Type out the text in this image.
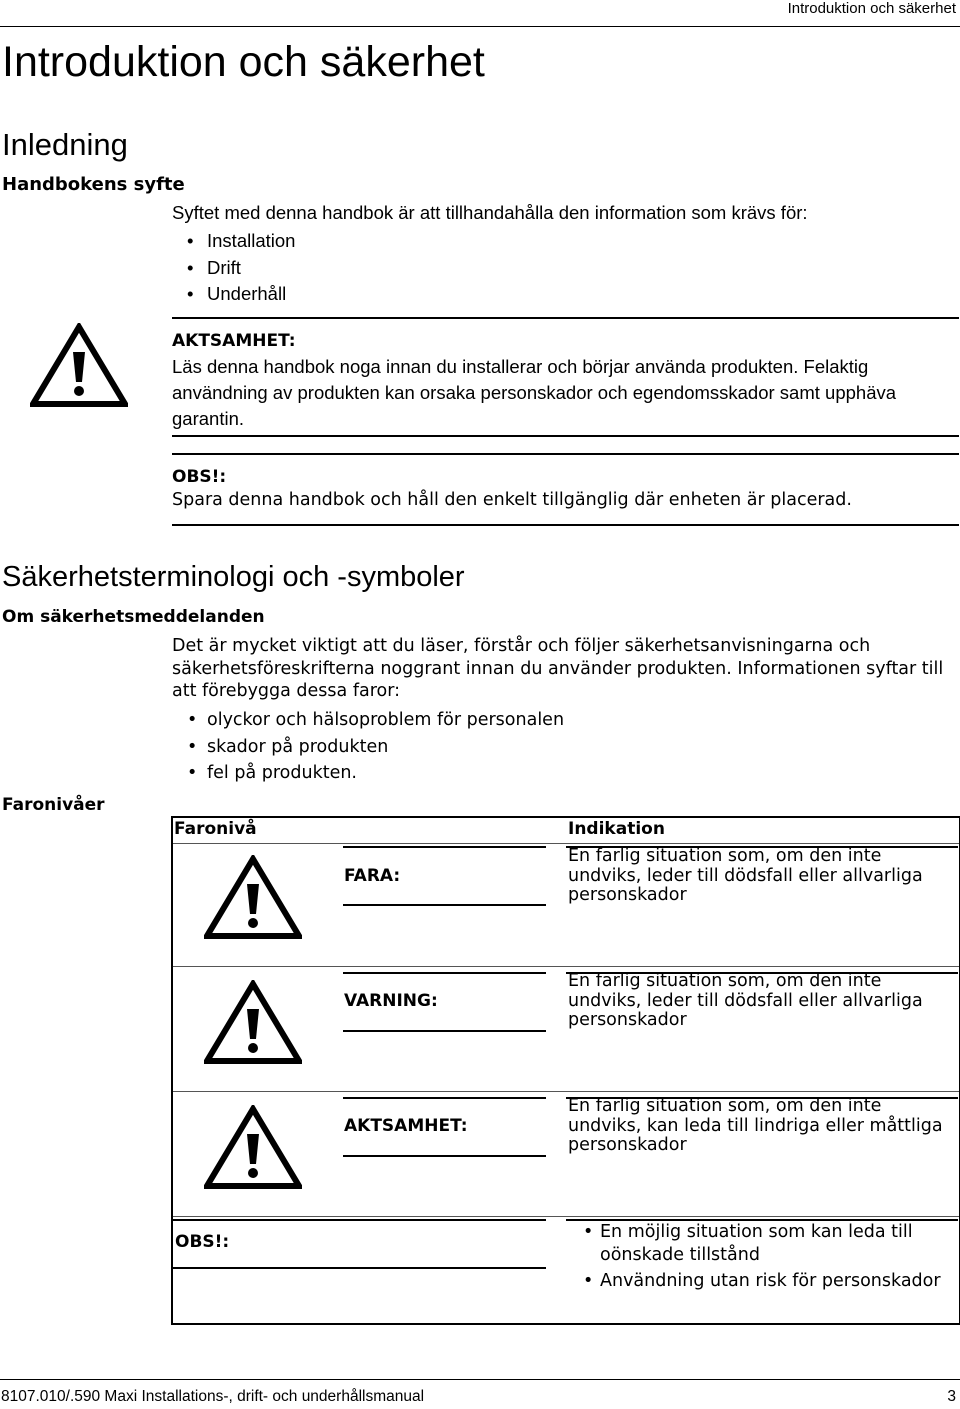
Introduktion och säkerhet
Introduktion och säkerhet
Inledning
Handbokens syfte
Syftet med denna handbok är att tillhandahålla den information som krävs för:
• Installation
• Drift
• Underhåll
AKTSAMHET:
Läs denna handbok noga innan du installerar och börjar använda produkten. Felaktig användning av produkten kan orsaka personskador och egendomsskador samt upphäva garantin.
OBS!:
Spara denna handbok och håll den enkelt tillgänglig där enheten är placerad.
Säkerhetsterminologi och -symboler
Om säkerhetsmeddelanden
Det är mycket viktigt att du läser, förstår och följer säkerhetsanvisningarna och säkerhetsföreskrifterna noggrant innan du använder produkten. Informationen syftar till att förebygga dessa faror:
• olyckor och hälsoproblem för personalen
• skador på produkten
• fel på produkten.
Faronivåer
Faronivå	Indikation
FARA:
En farlig situation som, om den inte undviks, leder till dödsfall eller allvarliga personskador
VARNING:
En farlig situation som, om den inte undviks, leder till dödsfall eller allvarliga personskador
AKTSAMHET:
En farlig situation som, om den inte undviks, kan leda till lindriga eller måttliga personskador
OBS!:
•	En möjlig situation som kan leda till oönskade tillstånd
• Användning utan risk för personskador
8107.010/.590 Maxi Installations-, drift- och underhållsmanual	3
